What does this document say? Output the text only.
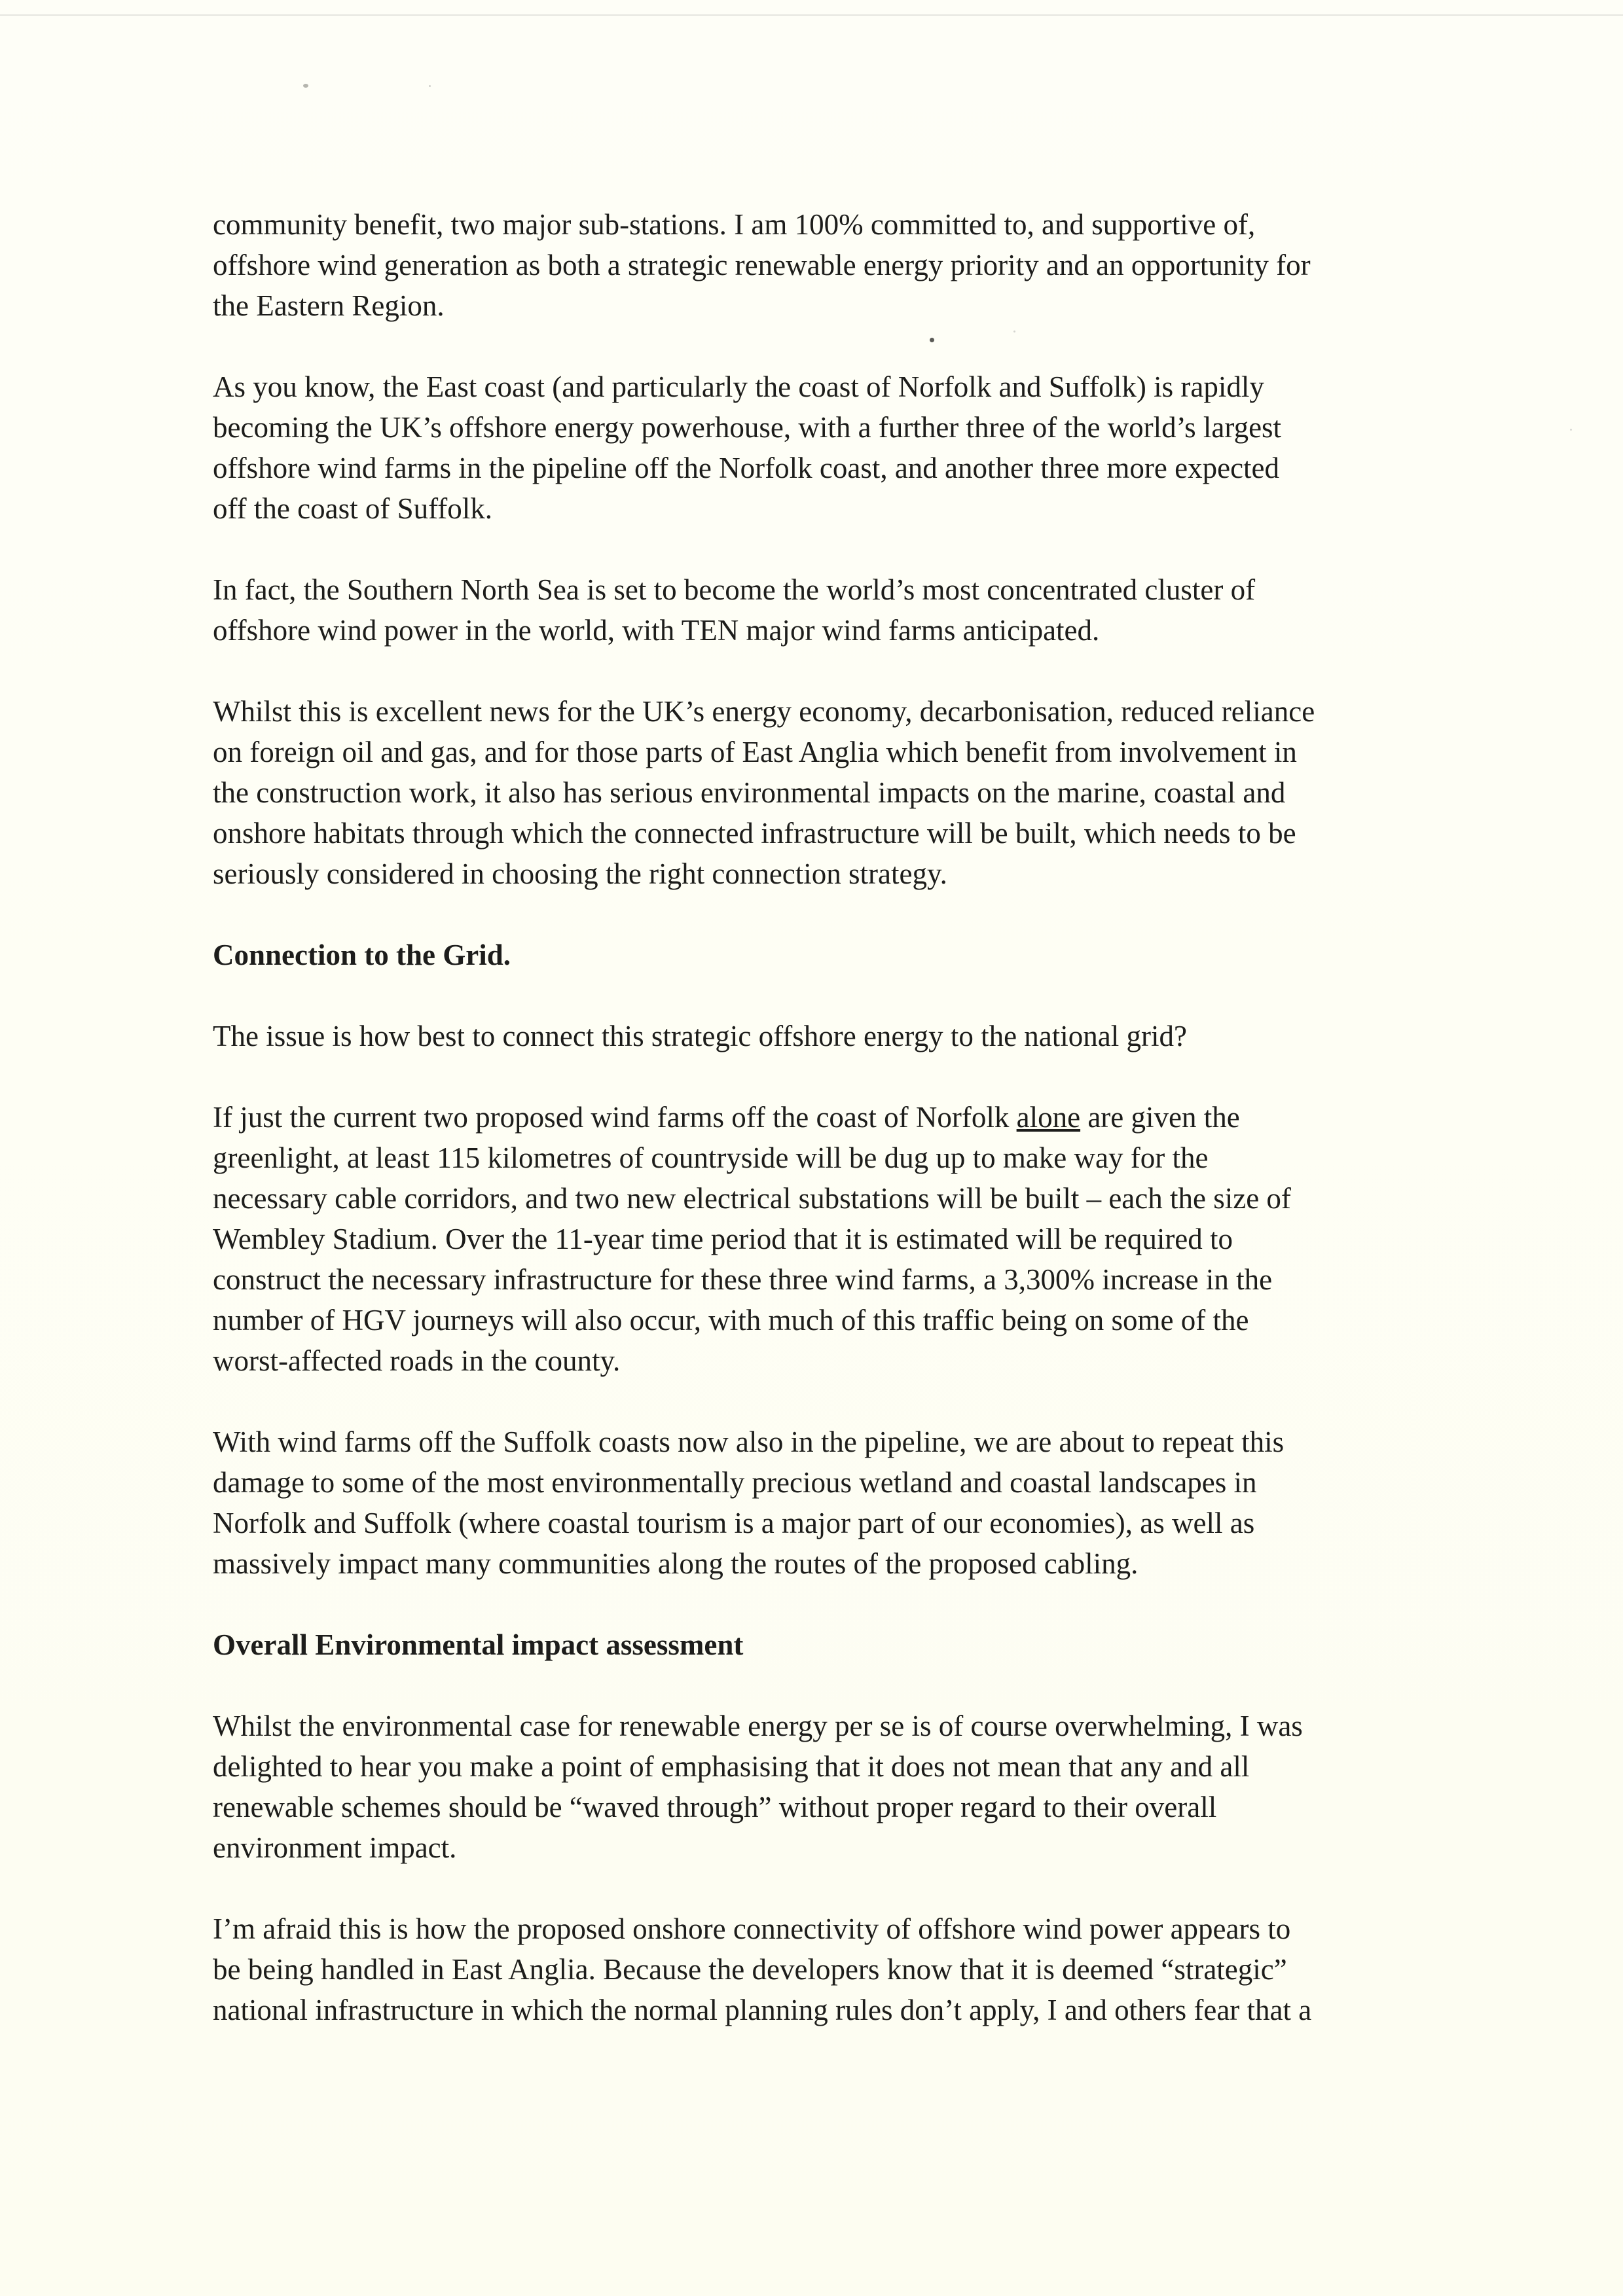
community benefit, two major sub-stations. I am 100% committed to, and supportive of,
offshore wind generation as both a strategic renewable energy priority and an opportunity for
the Eastern Region.

As you know, the East coast (and particularly the coast of Norfolk and Suffolk) is rapidly
becoming the UK’s offshore energy powerhouse, with a further three of the world’s largest
offshore wind farms in the pipeline off the Norfolk coast, and another three more expected
off the coast of Suffolk.

In fact, the Southern North Sea is set to become the world’s most concentrated cluster of
offshore wind power in the world, with TEN major wind farms anticipated.

Whilst this is excellent news for the UK’s energy economy, decarbonisation, reduced reliance
on foreign oil and gas, and for those parts of East Anglia which benefit from involvement in
the construction work, it also has serious environmental impacts on the marine, coastal and
onshore habitats through which the connected infrastructure will be built, which needs to be
seriously considered in choosing the right connection strategy.

Connection to the Grid.

The issue is how best to connect this strategic offshore energy to the national grid?

If just the current two proposed wind farms off the coast of Norfolk alone are given the
greenlight, at least 115 kilometres of countryside will be dug up to make way for the
necessary cable corridors, and two new electrical substations will be built – each the size of
Wembley Stadium. Over the 11-year time period that it is estimated will be required to
construct the necessary infrastructure for these three wind farms, a 3,300% increase in the
number of HGV journeys will also occur, with much of this traffic being on some of the
worst-affected roads in the county.

With wind farms off the Suffolk coasts now also in the pipeline, we are about to repeat this
damage to some of the most environmentally precious wetland and coastal landscapes in
Norfolk and Suffolk (where coastal tourism is a major part of our economies), as well as
massively impact many communities along the routes of the proposed cabling.

Overall Environmental impact assessment

Whilst the environmental case for renewable energy per se is of course overwhelming, I was
delighted to hear you make a point of emphasising that it does not mean that any and all
renewable schemes should be “waved through” without proper regard to their overall
environment impact.

I’m afraid this is how the proposed onshore connectivity of offshore wind power appears to
be being handled in East Anglia. Because the developers know that it is deemed “strategic”
national infrastructure in which the normal planning rules don’t apply, I and others fear that a
